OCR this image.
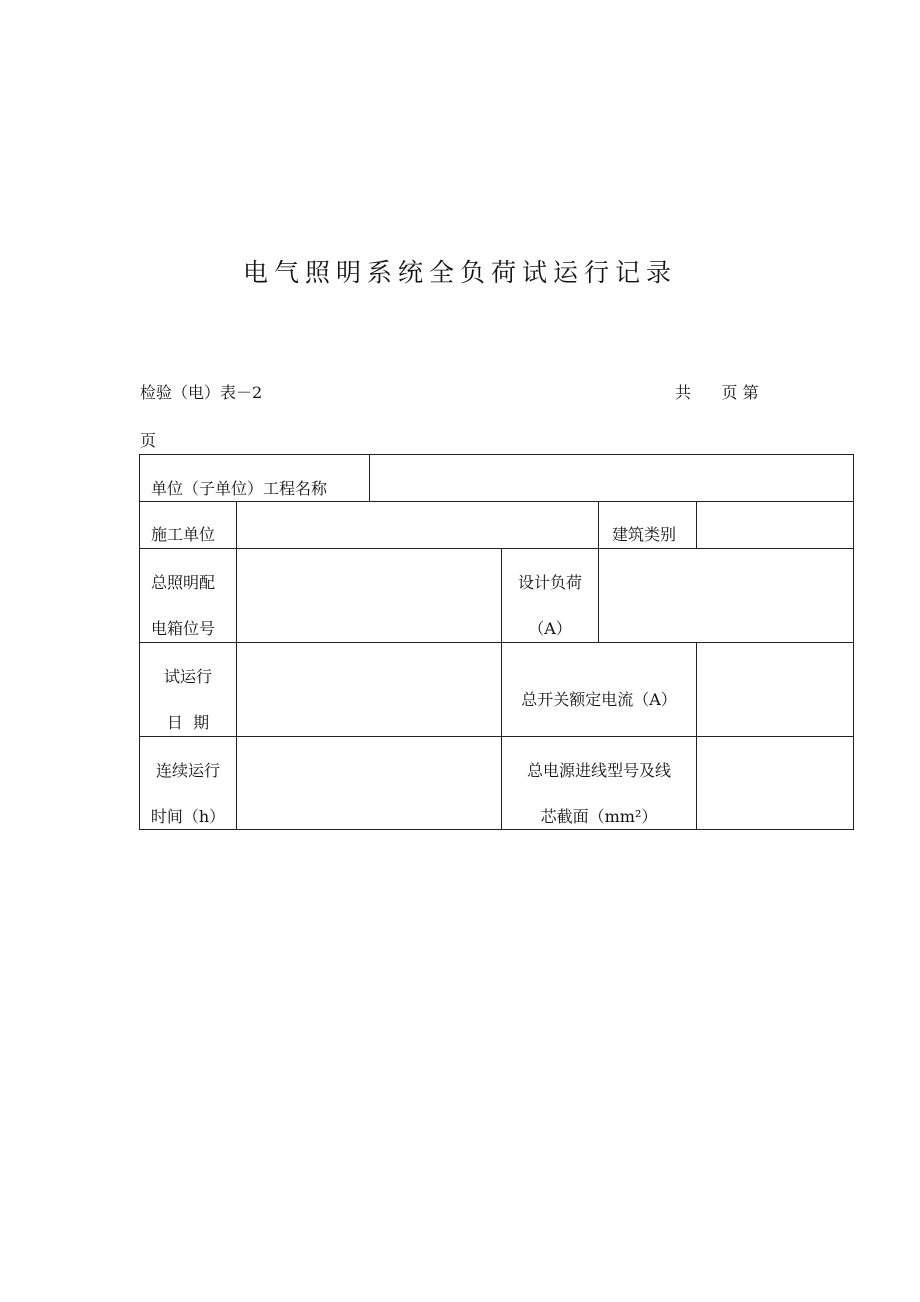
电气照明系统全负荷试运行记录
检验（电）表－2	共      页 第
页
单位（子单位）工程名称
施工单位	建筑类别
总照明配
电箱位号
设计负荷
（A）
试运行
日  期
总开关额定电流（A）
连续运行
时间（h）
总电源进线型号及线
芯截面（mm²）
